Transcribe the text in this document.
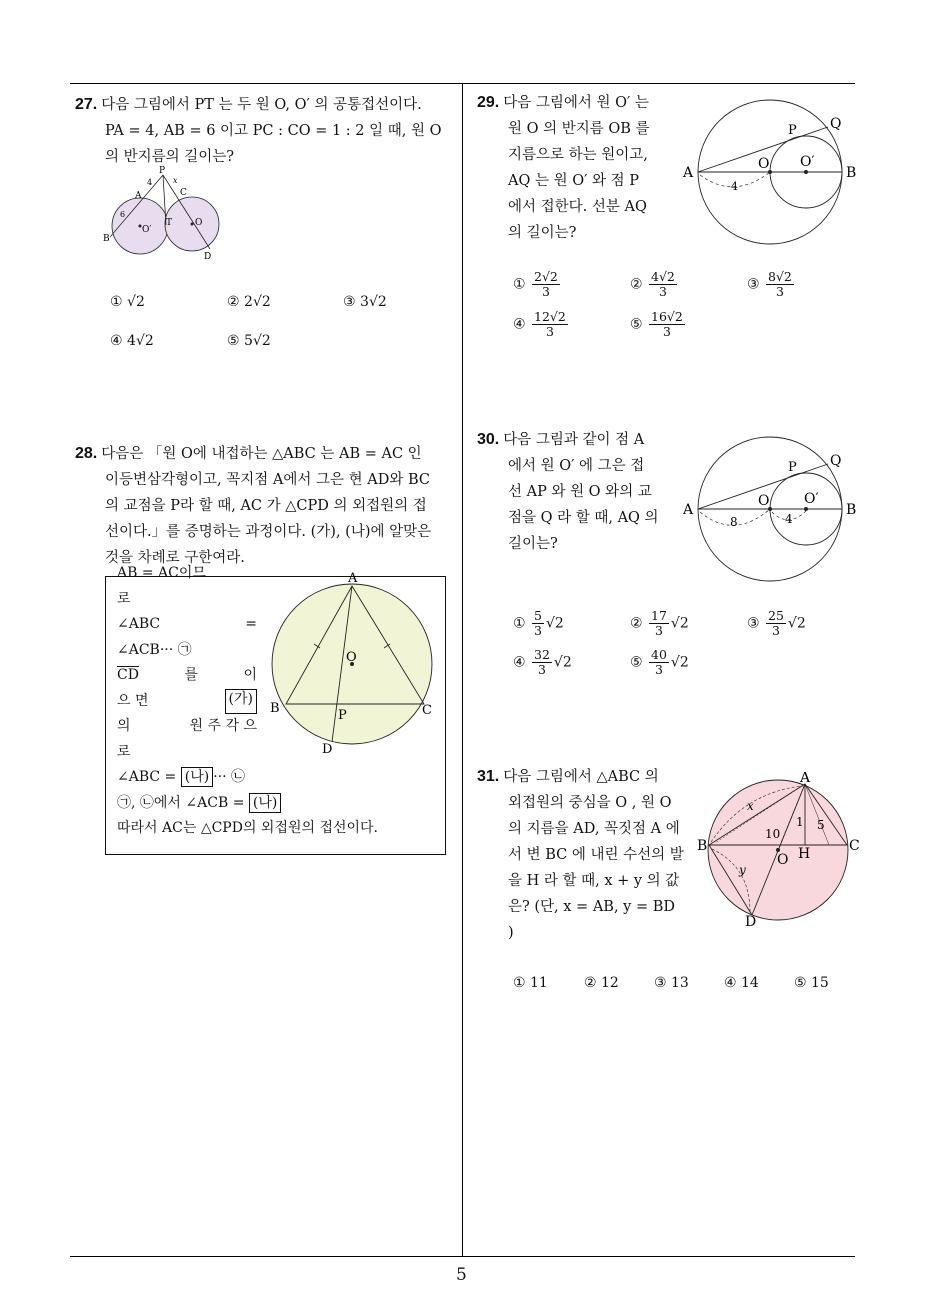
27. 다음 그림에서 PT 는 두 원 O, O′ 의 공통접선이다.
PA = 4, AB = 6 이고 PC : CO = 1 : 2 일 때, 원 O
의 반지름의 길이는?
P
A
B
C
T	O
O′
D
4
6
x
① √2	② 2√2	③ 3√2
④ 4√2	⑤ 5√2
28. 다음은 「원 O에 내접하는 △ABC 는 AB = AC 인
이등변삼각형이고, 꼭지점 A에서 그은 현 AD와 BC
의 교점을 P라 할 때, AC 가 △CPD 의 외접원의 접
선이다.」를 증명하는 과정이다. (가), (나)에 알맞은
것을 차례로 구한여라.
AB = AC이므
로
∠ABC	=
∠ACB··· ㉠
$\overline{CD}$	를	이
으 면	(가)
의	원 주 각 으
로
∠ABC = (나) ··· ㉡
㉠, ㉡에서 ∠ACB = (나)
따라서 AC는 △CPD의 외접원의 접선이다.
A
B	C
O
P
D
29. 다음 그림에서 원 O′ 는
원 O 의 반지름 OB 를
지름으로 하는 원이고,
AQ 는 원 O′ 와 점 P
에서 접한다. 선분 AQ
의 길이는?
A	B
O O′
P Q
4
① $\frac{2√2}{3}$	② $\frac{4√2}{3}$	③ $\frac{8√2}{3}$
④ $\frac{12√2}{3}$	⑤ $\frac{16√2}{3}$
30. 다음 그림과 같이 점 A
에서 원 O′ 에 그은 접
선 AP 와 원 O 와의 교
점을 Q 라 할 때, AQ 의
길이는?
A	B
O O′
P Q
8	4
① $\frac{5}{3} √2$	② $\frac{17}{3} √2$	③ $\frac{25}{3} √2$
④ $\frac{32}{3} √2$	⑤ $\frac{40}{3} √2$
31. 다음 그림에서 △ABC 의
외접원의 중심을 O , 원 O
의 지름을 AD, 꼭짓점 A 에
서 변 BC 에 내린 수선의 발
을 H 라 할 때, x + y 의 값
은? (단, x = AB, y = BD
)
A
B	C
D
O H
x
y
10
1 5
① 11	② 12	③ 13	④ 14	⑤ 15
5
